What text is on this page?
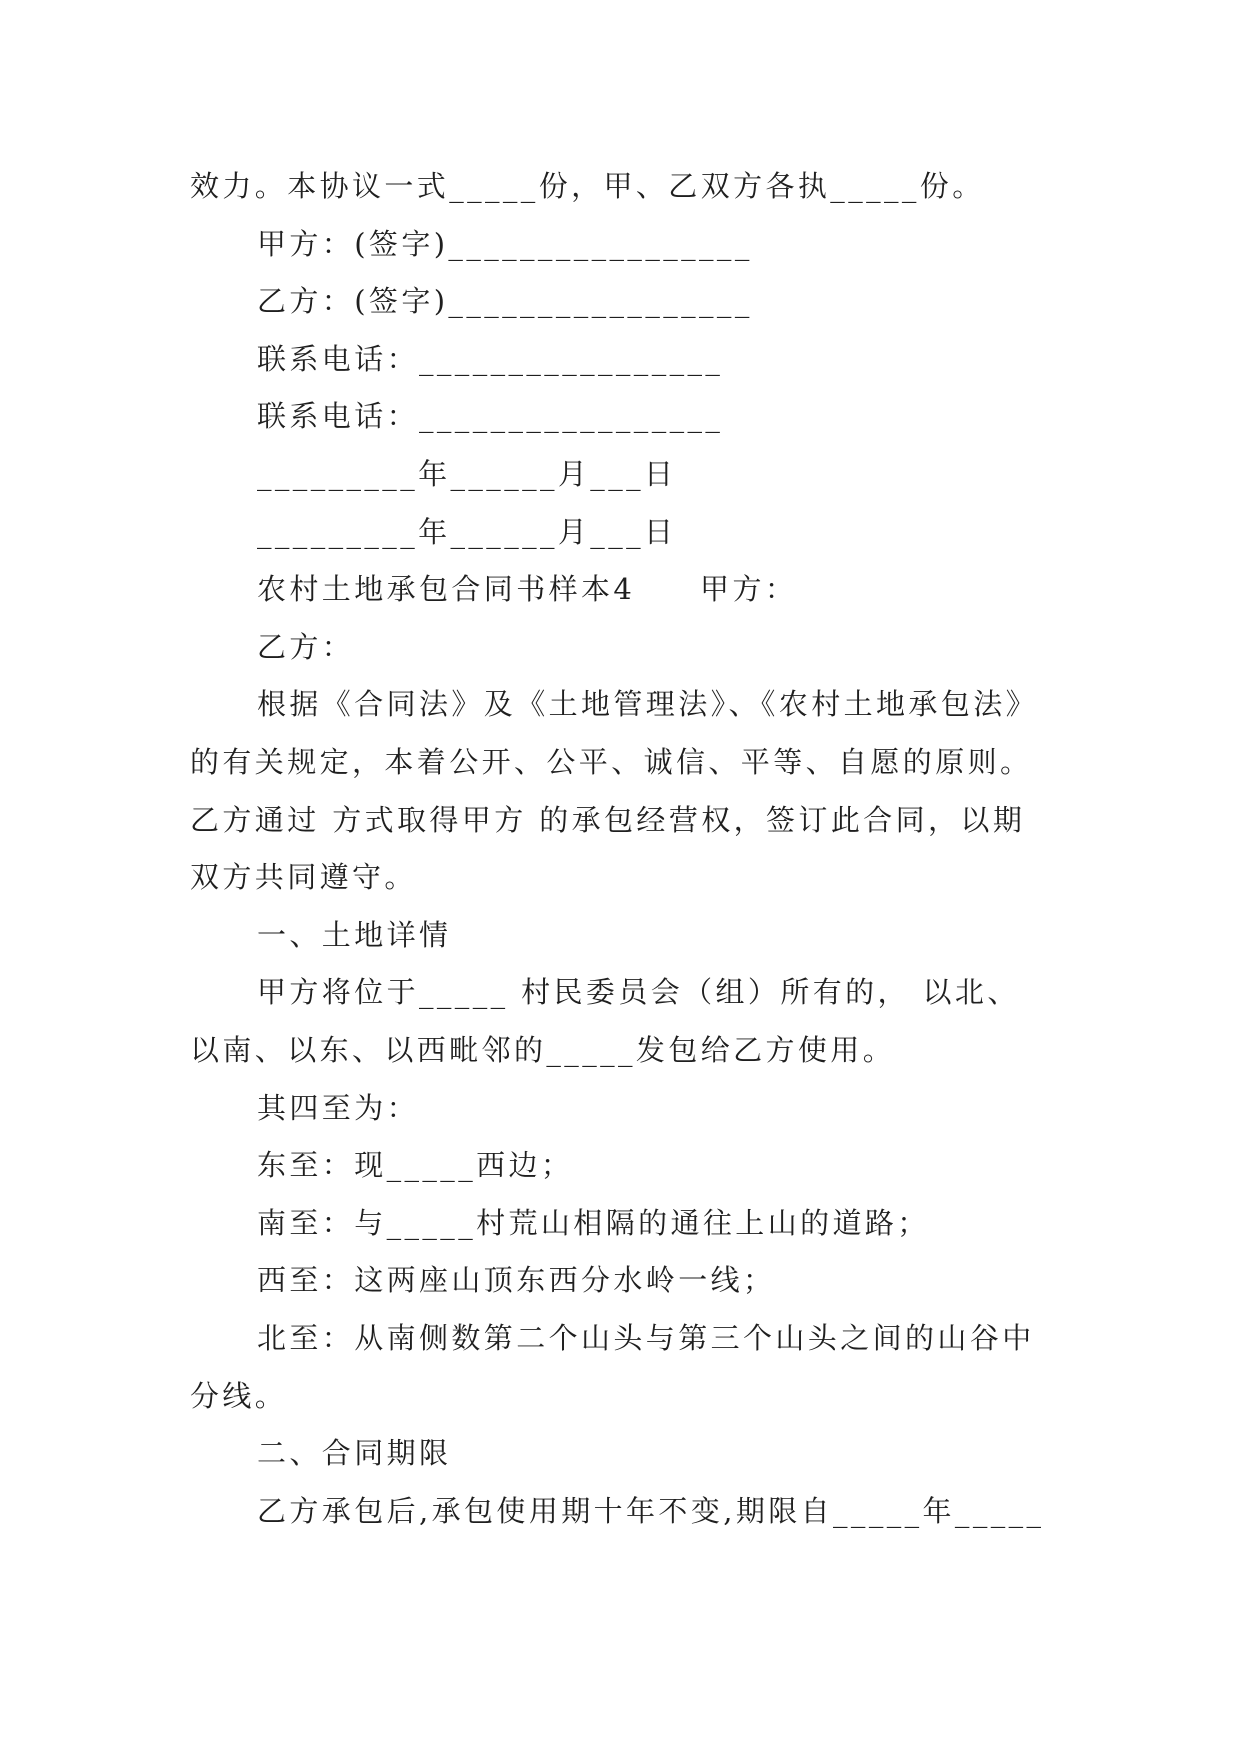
效力。本协议一式_____份，甲、乙双方各执_____份。
甲方：(签字)_________________
乙方：(签字)_________________
联系电话：_________________
联系电话：_________________
_________年______月___日
_________年______月___日
农村土地承包合同书样本4　　甲方：
乙方：
根据《合同法》及《土地管理法》、《农村土地承包法》
的有关规定，本着公开、公平、诚信、平等、自愿的原则。
乙方通过 方式取得甲方 的承包经营权，签订此合同，以期
双方共同遵守。
一、土地详情
甲方将位于_____ 村民委员会（组）所有的， 以北、
以南、以东、以西毗邻的_____发包给乙方使用。
其四至为：
东至：现_____西边；
南至：与_____村荒山相隔的通往上山的道路；
西至：这两座山顶东西分水岭一线；
北至：从南侧数第二个山头与第三个山头之间的山谷中
分线。
二、合同期限
乙方承包后,承包使用期十年不变,期限自_____年_____
